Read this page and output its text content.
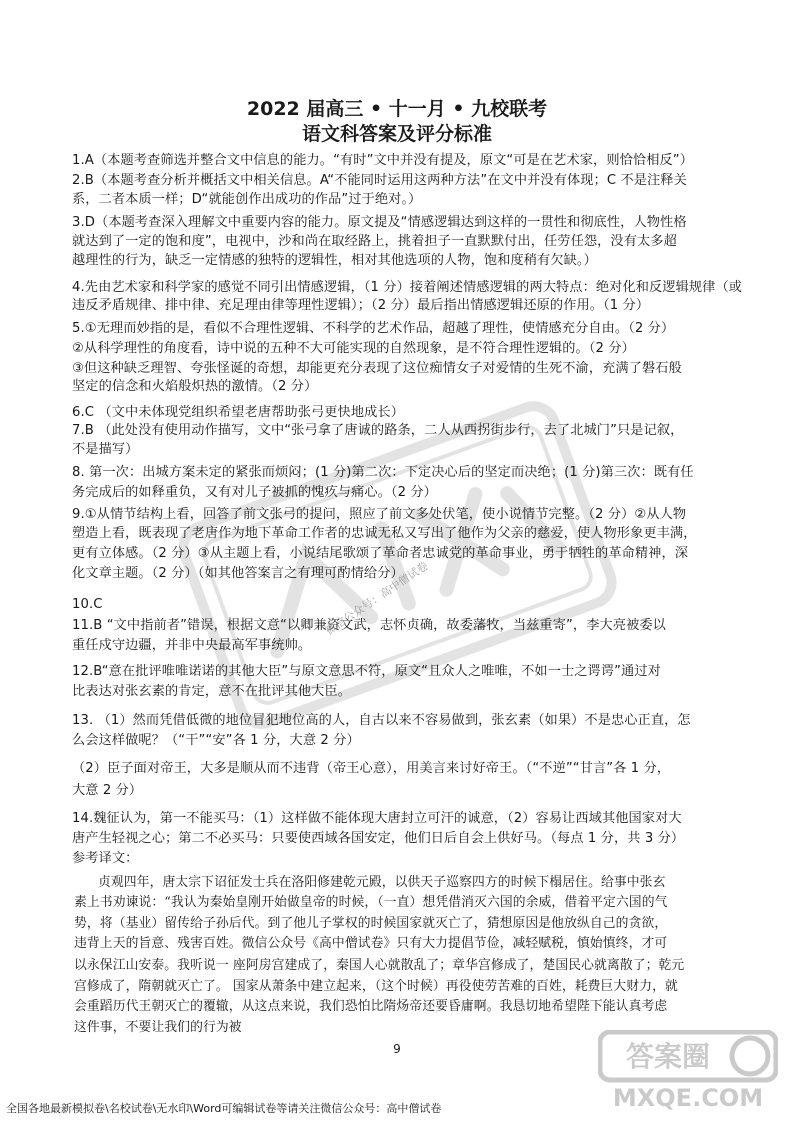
2022 届高三 • 十一月 • 九校联考
语文科答案及评分标准
1.A（本题考查筛选并整合文中信息的能力。“有时”文中并没有提及，原文“可是在艺术家，则恰恰相反”）
2.B（本题考查分析并概括文中相关信息。A“不能同时运用这两种方法”在文中并没有体现；C 不是注释关
系，二者本质一样；D“就能创作出成功的作品”过于绝对。）
3.D（本题考查深入理解文中重要内容的能力。原文提及“情感逻辑达到这样的一贯性和彻底性，人物性格
就达到了一定的饱和度”，电视中，沙和尚在取经路上，挑着担子一直默默付出，任劳任怨，没有太多超
越理性的行为，缺乏一定情感的独特的逻辑性，相对其他选项的人物，饱和度稍有欠缺。）
4.先由艺术家和科学家的感觉不同引出情感逻辑，（1 分）接着阐述情感逻辑的两大特点：绝对化和反逻辑规律（或
违反矛盾规律、排中律、充足理由律等理性逻辑）；（2 分）最后指出情感逻辑还原的作用。（1 分）
5.①无理而妙指的是，看似不合理性逻辑、不科学的艺术作品，超越了理性，使情感充分自由。（2 分）
②从科学理性的角度看，诗中说的五种不大可能实现的自然现象，是不符合理性逻辑的。（2 分）
③但这种缺乏理智、夸张怪诞的奇想，却能更充分表现了这位痴情女子对爱情的生死不渝，充满了磐石般
坚定的信念和火焰般炽热的激情。（2 分）
6.C （文中未体现党组织希望老唐帮助张弓更快地成长）
7.B （此处没有使用动作描写，文中“张弓拿了唐诚的路条，二人从西拐街步行，去了北城门”只是记叙，
不是描写）
8. 第一次：出城方案未定的紧张而烦闷；(1 分)第二次：下定决心后的坚定而决绝；(1 分)第三次：既有任
务完成后的如释重负，又有对儿子被抓的愧疚与痛心。（2 分）
9.①从情节结构上看，回答了前文张弓的提问，照应了前文多处伏笔，使小说情节完整。（2 分）②从人物
塑造上看，既表现了老唐作为地下革命工作者的忠诚无私又写出了他作为父亲的慈爱，使人物形象更丰满，
更有立体感。（2 分）③从主题上看，小说结尾歌颂了革命者忠诚党的革命事业，勇于牺牲的革命精神，深
化文章主题。（2 分）（如其他答案言之有理可酌情给分）
10.C
11.B “文中指前者”错误，根据文意“以卿兼资文武，志怀贞确，故委藩牧，当兹重寄”，李大亮被委以
重任戍守边疆，并非中央最高军事统帅。
12.B“意在批评唯唯诺诺的其他大臣”与原文意思不符，原文“且众人之唯唯，不如一士之谔谔”通过对
比表达对张玄素的肯定，意不在批评其他大臣。
13. （1）然而凭借低微的地位冒犯地位高的人，自古以来不容易做到，张玄素（如果）不是忠心正直，怎
么会这样做呢？（“干”“安”各 1 分，大意 2 分）
（2）臣子面对帝王，大多是顺从而不违背（帝王心意），用美言来讨好帝王。（“不逆”“甘言”各 1 分，
大意 2 分）
14.魏征认为，第一不能买马：（1）这样做不能体现大唐封立可汗的诚意，（2）容易让西域其他国家对大
唐产生轻视之心；第二不必买马：只要使西域各国安定，他们日后自会上供好马。（每点 1 分，共 3 分）
参考译文：
贞观四年，唐太宗下诏征发士兵在洛阳修建乾元殿，以供天子巡察四方的时候下榻居住。给事中张玄
素上书劝谏说：“我认为秦始皇刚开始做皇帝的时候，（一直）想凭借消灭六国的余威，借着平定六国的气
势，将（基业）留传给子孙后代。到了他儿子掌权的时候国家就灭亡了，猜想原因是他放纵自己的贪欲，
违背上天的旨意、残害百姓。微信公众号《高中僧试卷》只有大力提倡节俭，减轻赋税，慎始慎终，才可
以永保江山安泰。我听说一 座阿房宫建成了，秦国人心就散乱了；章华宫修成了，楚国民心就离散了；乾元
宫修成了，隋朝就灭亡了。 国家从萧条中建立起来，（这个时候）再役使劳苦难的百姓，耗费巨大财力，就
会重蹈历代王朝灭亡的覆辙，从这点来说，我们恐怕比隋炀帝还要昏庸啊。我恳切地希望陛下能认真考虑
这件事，不要让我们的行为被
微信公众号：高中僧试卷
9
全国各地最新模拟卷\名校试卷\无水印\Word可编辑试卷等请关注微信公众号：高中僧试卷
答案圈
MXQE.COM
